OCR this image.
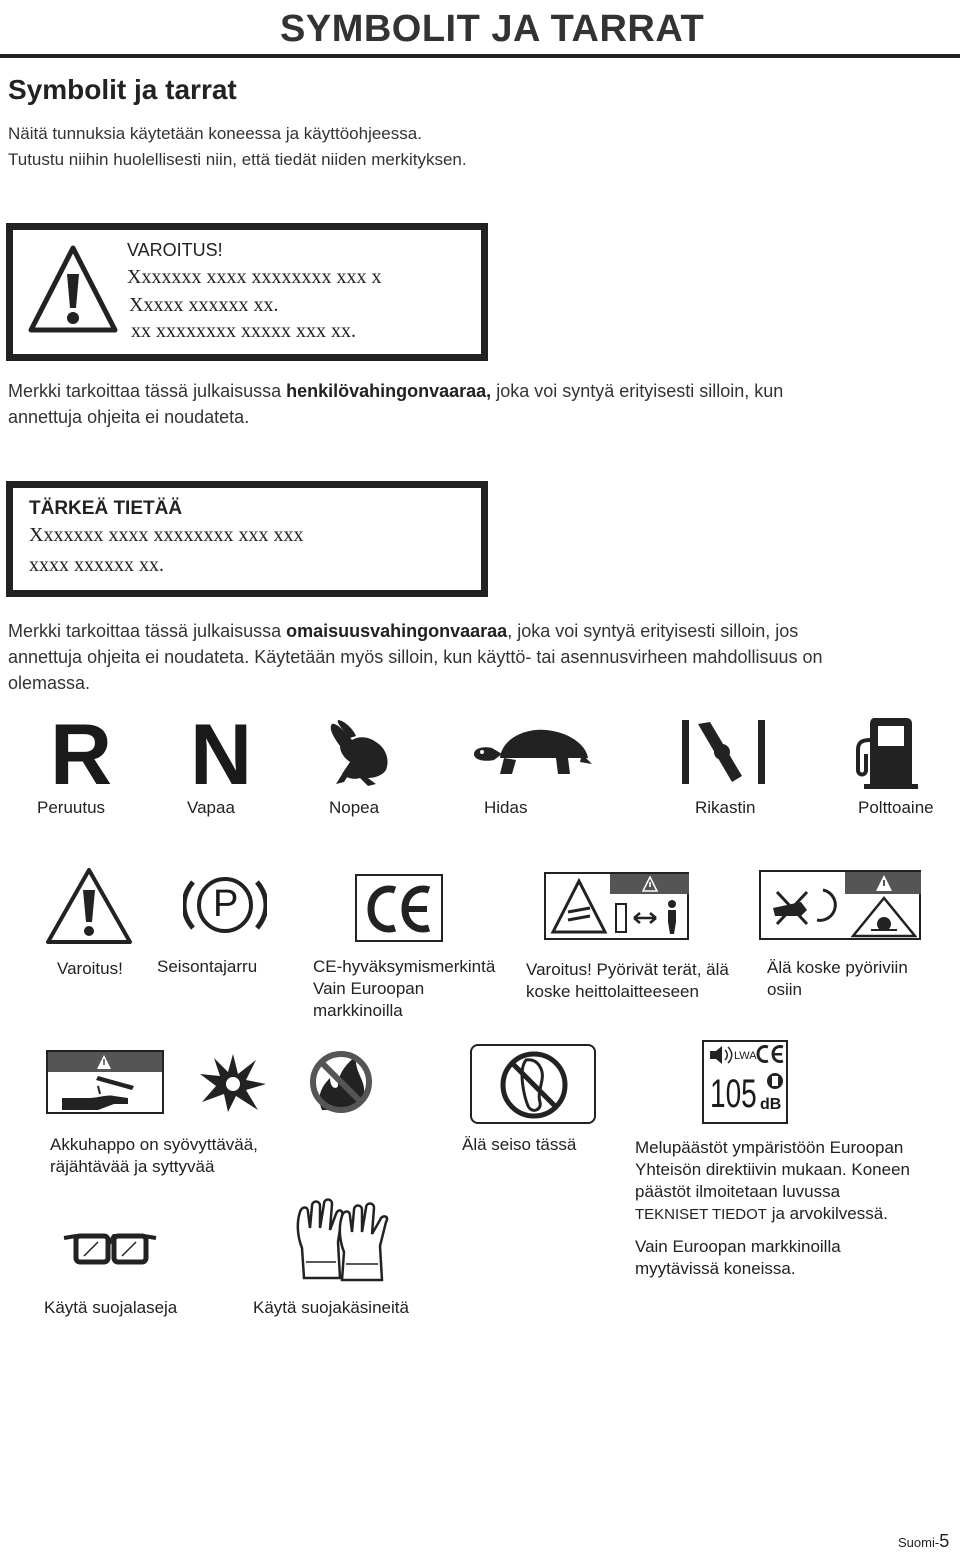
SYMBOLIT JA TARRAT
Symbolit ja tarrat
Näitä tunnuksia käytetään koneessa ja käyttöohjeessa.
Tutustu niihin huolellisesti niin, että tiedät niiden merkityksen.
VAROITUS!
Xxxxxxx xxxx xxxxxxxx xxx x
Xxxxx xxxxxx xx.
xx xxxxxxxx xxxxx xxx xx.
Merkki tarkoittaa tässä julkaisussa henkilövahingonvaaraa, joka voi syntyä erityisesti silloin, kun
annettuja ohjeita ei noudateta.
TÄRKEÄ TIETÄÄ
Xxxxxxx xxxx xxxxxxxx xxx xxx
xxxx xxxxxx xx.
Merkki tarkoittaa tässä julkaisussa omaisuusvahingonvaaraa, joka voi syntyä erityisesti silloin, jos
annettuja ohjeita ei noudateta. Käytetään myös silloin, kun käyttö- tai asennusvirheen mahdollisuus on
olemassa.
R N
Peruutus	Vapaa	Nopea	Hidas	Rikastin	Polttoaine
P
Varoitus! Seisontajarru	CE-hyväksymismerkintä
Vain Euroopan
markkinoilla
Varoitus! Pyörivät terät, älä
koske heittolaitteeseen
Älä koske pyöriviin
osiin
LWA
105 dB
Akkuhappo on syövyttävää,
räjähtävää ja syttyvää
Älä seiso tässä	Melupäästöt ympäristöön Euroopan
Yhteisön direktiivin mukaan. Koneen
päästöt ilmoitetaan luvussa
TEKNISET TIEDOT ja arvokilvessä.
Vain Euroopan markkinoilla
myytävissä koneissa.
Käytä suojalaseja	Käytä suojakäsineitä
Suomi-5
